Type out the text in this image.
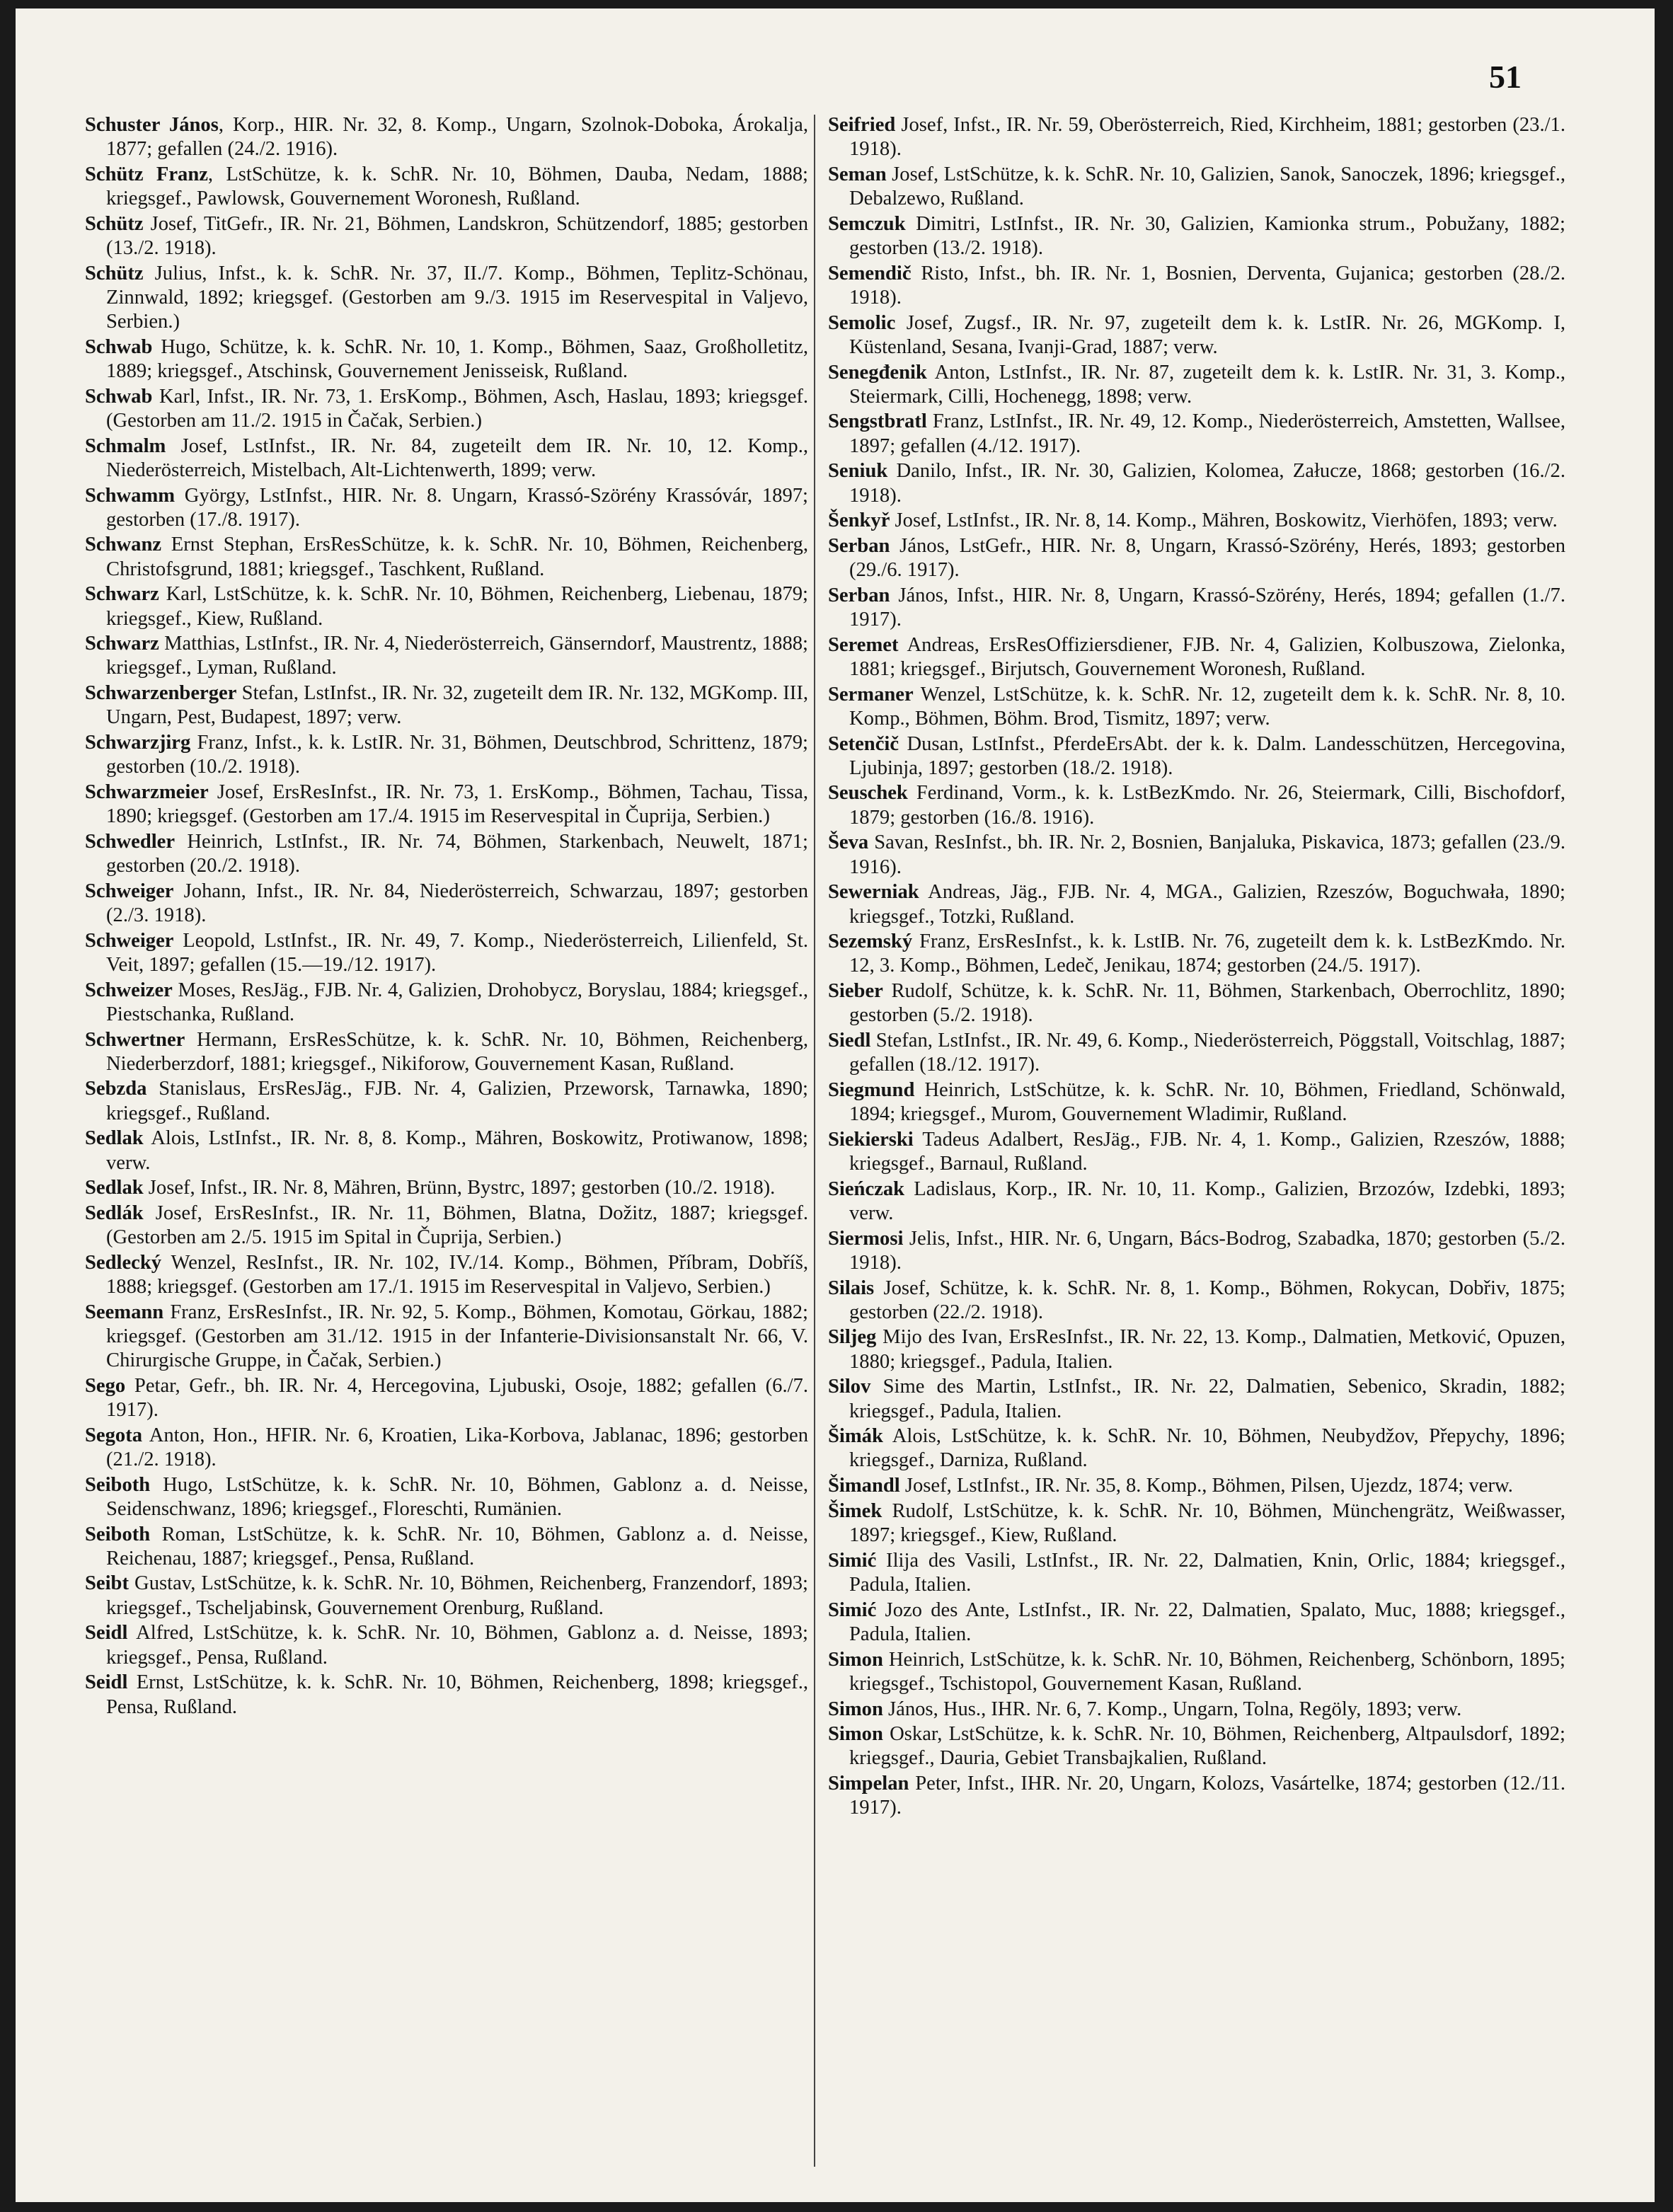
51

Schuster János, Korp., HIR. Nr. 32, 8. Komp., Ungarn, Szolnok-Doboka, Árokalja, 1877; gefallen (24./2. 1916).

Schütz Franz, LstSchütze, k. k. SchR. Nr. 10, Böhmen, Dauba, Nedam, 1888; kriegsgef., Pawlowsk, Gouvernement Woronesh, Rußland.

Schütz Josef, TitGefr., IR. Nr. 21, Böhmen, Landskron, Schützendorf, 1885; gestorben (13./2. 1918).

Schütz Julius, Infst., k. k. SchR. Nr. 37, II./7. Komp., Böhmen, Teplitz-Schönau, Zinnwald, 1892; kriegsgef. (Gestorben am 9./3. 1915 im Reservespital in Valjevo, Serbien.)

Schwab Hugo, Schütze, k. k. SchR. Nr. 10, 1. Komp., Böhmen, Saaz, Großholletitz, 1889; kriegsgef., Atschinsk, Gouvernement Jenisseisk, Rußland.

Schwab Karl, Infst., IR. Nr. 73, 1. ErsKomp., Böhmen, Asch, Haslau, 1893; kriegsgef. (Gestorben am 11./2. 1915 in Čačak, Serbien.)

Schmalm Josef, LstInfst., IR. Nr. 84, zugeteilt dem IR. Nr. 10, 12. Komp., Niederösterreich, Mistelbach, Alt-Lichtenwerth, 1899; verw.

Schwamm György, LstInfst., HIR. Nr. 8. Ungarn, Krassó-Szörény Krassóvár, 1897; gestorben (17./8. 1917).

Schwanz Ernst Stephan, ErsResSchütze, k. k. SchR. Nr. 10, Böhmen, Reichenberg, Christofsgrund, 1881; kriegsgef., Taschkent, Rußland.

Schwarz Karl, LstSchütze, k. k. SchR. Nr. 10, Böhmen, Reichenberg, Liebenau, 1879; kriegsgef., Kiew, Rußland.

Schwarz Matthias, LstInfst., IR. Nr. 4, Niederösterreich, Gänserndorf, Maustrentz, 1888; kriegsgef., Lyman, Rußland.

Schwarzenberger Stefan, LstInfst., IR. Nr. 32, zugeteilt dem IR. Nr. 132, MGKomp. III, Ungarn, Pest, Budapest, 1897; verw.

Schwarzjirg Franz, Infst., k. k. LstIR. Nr. 31, Böhmen, Deutschbrod, Schrittenz, 1879; gestorben (10./2. 1918).

Schwarzmeier Josef, ErsResInfst., IR. Nr. 73, 1. ErsKomp., Böhmen, Tachau, Tissa, 1890; kriegsgef. (Gestorben am 17./4. 1915 im Reservespital in Čuprija, Serbien.)

Schwedler Heinrich, LstInfst., IR. Nr. 74, Böhmen, Starkenbach, Neuwelt, 1871; gestorben (20./2. 1918).

Schweiger Johann, Infst., IR. Nr. 84, Niederösterreich, Schwarzau, 1897; gestorben (2./3. 1918).

Schweiger Leopold, LstInfst., IR. Nr. 49, 7. Komp., Niederösterreich, Lilienfeld, St. Veit, 1897; gefallen (15.—19./12. 1917).

Schweizer Moses, ResJäg., FJB. Nr. 4, Galizien, Drohobycz, Boryslau, 1884; kriegsgef., Piestschanka, Rußland.

Schwertner Hermann, ErsResSchütze, k. k. SchR. Nr. 10, Böhmen, Reichenberg, Niederberzdorf, 1881; kriegsgef., Nikiforow, Gouvernement Kasan, Rußland.

Sebzda Stanislaus, ErsResJäg., FJB. Nr. 4, Galizien, Przeworsk, Tarnawka, 1890; kriegsgef., Rußland.

Sedlak Alois, LstInfst., IR. Nr. 8, 8. Komp., Mähren, Boskowitz, Protiwanow, 1898; verw.

Sedlak Josef, Infst., IR. Nr. 8, Mähren, Brünn, Bystrc, 1897; gestorben (10./2. 1918).

Sedlák Josef, ErsResInfst., IR. Nr. 11, Böhmen, Blatna, Dožitz, 1887; kriegsgef. (Gestorben am 2./5. 1915 im Spital in Čuprija, Serbien.)

Sedlecký Wenzel, ResInfst., IR. Nr. 102, IV./14. Komp., Böhmen, Příbram, Dobříš, 1888; kriegsgef. (Gestorben am 17./1. 1915 im Reservespital in Valjevo, Serbien.)

Seemann Franz, ErsResInfst., IR. Nr. 92, 5. Komp., Böhmen, Komotau, Görkau, 1882; kriegsgef. (Gestorben am 31./12. 1915 in der Infanterie-Divisionsanstalt Nr. 66, V. Chirurgische Gruppe, in Čačak, Serbien.)

Sego Petar, Gefr., bh. IR. Nr. 4, Hercegovina, Ljubuski, Osoje, 1882; gefallen (6./7. 1917).

Segota Anton, Hon., HFIR. Nr. 6, Kroatien, Lika-Korbova, Jablanac, 1896; gestorben (21./2. 1918).

Seiboth Hugo, LstSchütze, k. k. SchR. Nr. 10, Böhmen, Gablonz a. d. Neisse, Seidenschwanz, 1896; kriegsgef., Floreschti, Rumänien.

Seiboth Roman, LstSchütze, k. k. SchR. Nr. 10, Böhmen, Gablonz a. d. Neisse, Reichenau, 1887; kriegsgef., Pensa, Rußland.

Seibt Gustav, LstSchütze, k. k. SchR. Nr. 10, Böhmen, Reichenberg, Franzendorf, 1893; kriegsgef., Tscheljabinsk, Gouvernement Orenburg, Rußland.

Seidl Alfred, LstSchütze, k. k. SchR. Nr. 10, Böhmen, Gablonz a. d. Neisse, 1893; kriegsgef., Pensa, Rußland.

Seidl Ernst, LstSchütze, k. k. SchR. Nr. 10, Böhmen, Reichenberg, 1898; kriegsgef., Pensa, Rußland.

Seifried Josef, Infst., IR. Nr. 59, Oberösterreich, Ried, Kirchheim, 1881; gestorben (23./1. 1918).

Seman Josef, LstSchütze, k. k. SchR. Nr. 10, Galizien, Sanok, Sanoczek, 1896; kriegsgef., Debalzewo, Rußland.

Semczuk Dimitri, LstInfst., IR. Nr. 30, Galizien, Kamionka strum., Pobužany, 1882; gestorben (13./2. 1918).

Semendič Risto, Infst., bh. IR. Nr. 1, Bosnien, Derventa, Gujanica; gestorben (28./2. 1918).

Semolic Josef, Zugsf., IR. Nr. 97, zugeteilt dem k. k. LstIR. Nr. 26, MGKomp. I, Küstenland, Sesana, Ivanji-Grad, 1887; verw.

Senegđenik Anton, LstInfst., IR. Nr. 87, zugeteilt dem k. k. LstIR. Nr. 31, 3. Komp., Steiermark, Cilli, Hochenegg, 1898; verw.

Sengstbratl Franz, LstInfst., IR. Nr. 49, 12. Komp., Niederösterreich, Amstetten, Wallsee, 1897; gefallen (4./12. 1917).

Seniuk Danilo, Infst., IR. Nr. 30, Galizien, Kolomea, Załucze, 1868; gestorben (16./2. 1918).

Šenkyř Josef, LstInfst., IR. Nr. 8, 14. Komp., Mähren, Boskowitz, Vierhöfen, 1893; verw.

Serban János, LstGefr., HIR. Nr. 8, Ungarn, Krassó-Szörény, Herés, 1893; gestorben (29./6. 1917).

Serban János, Infst., HIR. Nr. 8, Ungarn, Krassó-Szörény, Herés, 1894; gefallen (1./7. 1917).

Seremet Andreas, ErsResOffiziersdiener, FJB. Nr. 4, Galizien, Kolbuszowa, Zielonka, 1881; kriegsgef., Birjutsch, Gouvernement Woronesh, Rußland.

Sermaner Wenzel, LstSchütze, k. k. SchR. Nr. 12, zugeteilt dem k. k. SchR. Nr. 8, 10. Komp., Böhmen, Böhm. Brod, Tismitz, 1897; verw.

Setenčič Dusan, LstInfst., PferdeErsAbt. der k. k. Dalm. Landesschützen, Hercegovina, Ljubinja, 1897; gestorben (18./2. 1918).

Seuschek Ferdinand, Vorm., k. k. LstBezKmdo. Nr. 26, Steiermark, Cilli, Bischofdorf, 1879; gestorben (16./8. 1916).

Ševa Savan, ResInfst., bh. IR. Nr. 2, Bosnien, Banjaluka, Piskavica, 1873; gefallen (23./9. 1916).

Sewerniak Andreas, Jäg., FJB. Nr. 4, MGA., Galizien, Rzeszów, Boguchwała, 1890; kriegsgef., Totzki, Rußland.

Sezemský Franz, ErsResInfst., k. k. LstIB. Nr. 76, zugeteilt dem k. k. LstBezKmdo. Nr. 12, 3. Komp., Böhmen, Ledeč, Jenikau, 1874; gestorben (24./5. 1917).

Sieber Rudolf, Schütze, k. k. SchR. Nr. 11, Böhmen, Starkenbach, Oberrochlitz, 1890; gestorben (5./2. 1918).

Siedl Stefan, LstInfst., IR. Nr. 49, 6. Komp., Niederösterreich, Pöggstall, Voitschlag, 1887; gefallen (18./12. 1917).

Siegmund Heinrich, LstSchütze, k. k. SchR. Nr. 10, Böhmen, Friedland, Schönwald, 1894; kriegsgef., Murom, Gouvernement Wladimir, Rußland.

Siekierski Tadeus Adalbert, ResJäg., FJB. Nr. 4, 1. Komp., Galizien, Rzeszów, 1888; kriegsgef., Barnaul, Rußland.

Sieńczak Ladislaus, Korp., IR. Nr. 10, 11. Komp., Galizien, Brzozów, Izdebki, 1893; verw.

Siermosi Jelis, Infst., HIR. Nr. 6, Ungarn, Bács-Bodrog, Szabadka, 1870; gestorben (5./2. 1918).

Silais Josef, Schütze, k. k. SchR. Nr. 8, 1. Komp., Böhmen, Rokycan, Dobřiv, 1875; gestorben (22./2. 1918).

Siljeg Mijo des Ivan, ErsResInfst., IR. Nr. 22, 13. Komp., Dalmatien, Metković, Opuzen, 1880; kriegsgef., Padula, Italien.

Silov Sime des Martin, LstInfst., IR. Nr. 22, Dalmatien, Sebenico, Skradin, 1882; kriegsgef., Padula, Italien.

Šimák Alois, LstSchütze, k. k. SchR. Nr. 10, Böhmen, Neubydžov, Přepychy, 1896; kriegsgef., Darniza, Rußland.

Šimandl Josef, LstInfst., IR. Nr. 35, 8. Komp., Böhmen, Pilsen, Ujezdz, 1874; verw.

Šimek Rudolf, LstSchütze, k. k. SchR. Nr. 10, Böhmen, Münchengrätz, Weißwasser, 1897; kriegsgef., Kiew, Rußland.

Simić Ilija des Vasili, LstInfst., IR. Nr. 22, Dalmatien, Knin, Orlic, 1884; kriegsgef., Padula, Italien.

Simić Jozo des Ante, LstInfst., IR. Nr. 22, Dalmatien, Spalato, Muc, 1888; kriegsgef., Padula, Italien.

Simon Heinrich, LstSchütze, k. k. SchR. Nr. 10, Böhmen, Reichenberg, Schönborn, 1895; kriegsgef., Tschistopol, Gouvernement Kasan, Rußland.

Simon János, Hus., IHR. Nr. 6, 7. Komp., Ungarn, Tolna, Regöly, 1893; verw.

Simon Oskar, LstSchütze, k. k. SchR. Nr. 10, Böhmen, Reichenberg, Altpaulsdorf, 1892; kriegsgef., Dauria, Gebiet Transbajkalien, Rußland.

Simpelan Peter, Infst., IHR. Nr. 20, Ungarn, Kolozs, Vasártelke, 1874; gestorben (12./11. 1917).
